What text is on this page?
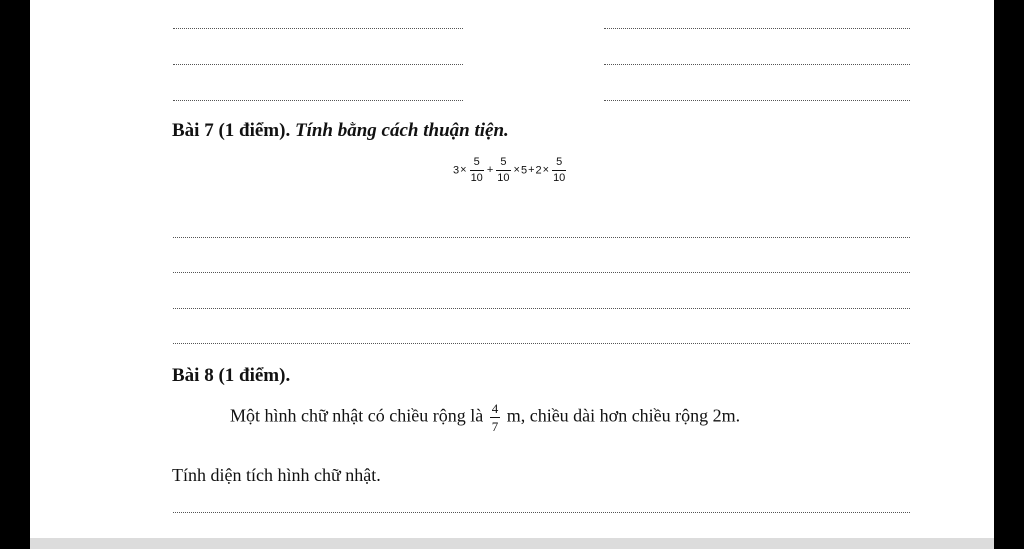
Bài 7 (1 điểm). Tính bằng cách thuận tiện.
$3\times \frac{5}{10} + \frac{5}{10} \times 5+2\times \frac{5}{10}$
Bài 8 (1 điểm).
Một hình chữ nhật có chiều rộng là $\frac{4}{7} m$, chiều dài hơn chiều rộng 2m.
Tính diện tích hình chữ nhật.
